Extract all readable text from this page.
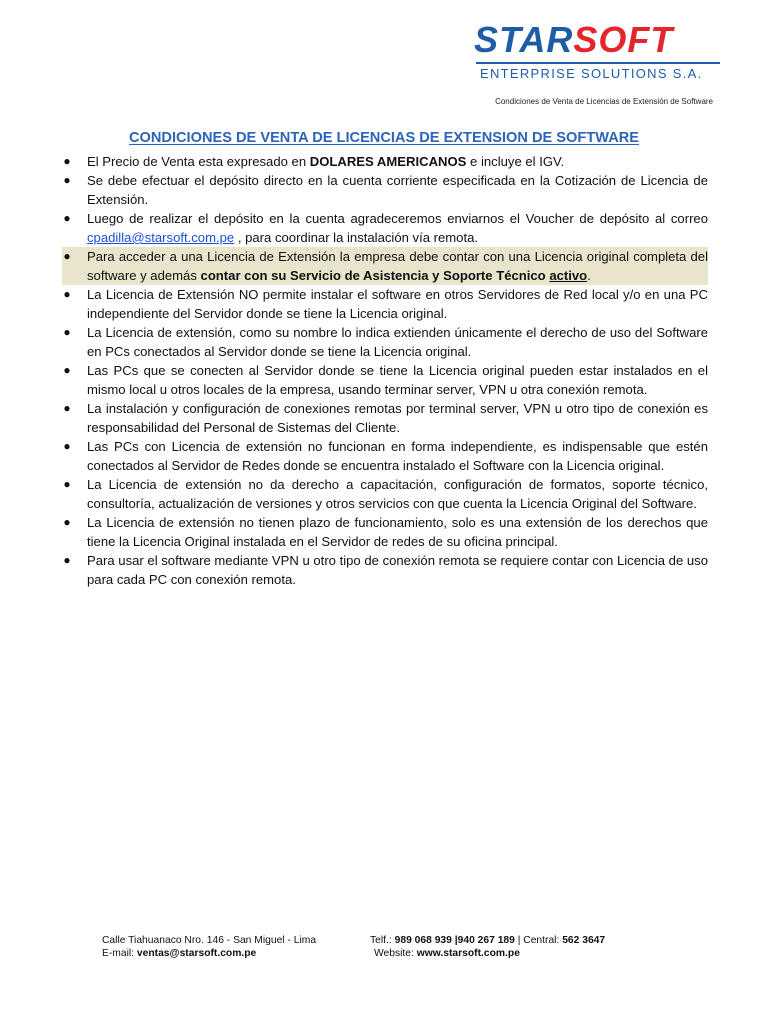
STARSOFT
ENTERPRISE SOLUTIONS S.A.
Condiciones de Venta de Licencias de Extensión de Software
CONDICIONES DE VENTA DE LICENCIAS DE EXTENSION DE SOFTWARE
● El Precio de Venta esta expresado en DOLARES AMERICANOS e incluye el IGV.
● Se debe efectuar el depósito directo en la cuenta corriente especificada en la Cotización de Licencia de Extensión.
● Luego de realizar el depósito en la cuenta agradeceremos enviarnos el Voucher de depósito al correo cpadilla@starsoft.com.pe , para coordinar la instalación vía remota.
● Para acceder a una Licencia de Extensión la empresa debe contar con una Licencia original completa del software y además contar con su Servicio de Asistencia y Soporte Técnico activo.
● La Licencia de Extensión NO permite instalar el software en otros Servidores de Red local y/o en una PC independiente del Servidor donde se tiene la Licencia original.
● La Licencia de extensión, como su nombre lo indica extienden únicamente el derecho de uso del Software en PCs conectados al Servidor donde se tiene la Licencia original.
● Las PCs que se conecten al Servidor donde se tiene la Licencia original pueden estar instalados en el mismo local u otros locales de la empresa, usando terminar server, VPN u otra conexión remota.
● La instalación y configuración de conexiones remotas por terminal server, VPN u otro tipo de conexión es responsabilidad del Personal de Sistemas del Cliente.
● Las PCs con Licencia de extensión no funcionan en forma independiente, es indispensable que estén conectados al Servidor de Redes donde se encuentra instalado el Software con la Licencia original.
● La Licencia de extensión no da derecho a capacitación, configuración de formatos, soporte técnico, consultoría, actualización de versiones y otros servicios con que cuenta la Licencia Original del Software.
● La Licencia de extensión no tienen plazo de funcionamiento, solo es una extensión de los derechos que tiene la Licencia Original instalada en el Servidor de redes de su oficina principal.
● Para usar el software mediante VPN u otro tipo de conexión remota se requiere contar con Licencia de uso para cada PC con conexión remota.
Calle Tiahuanaco Nro. 146 - San Miguel - Lima	Telf.: 989 068 939 |940 267 189 | Central: 562 3647
E-mail: ventas@starsoft.com.pe	Website: www.starsoft.com.pe
